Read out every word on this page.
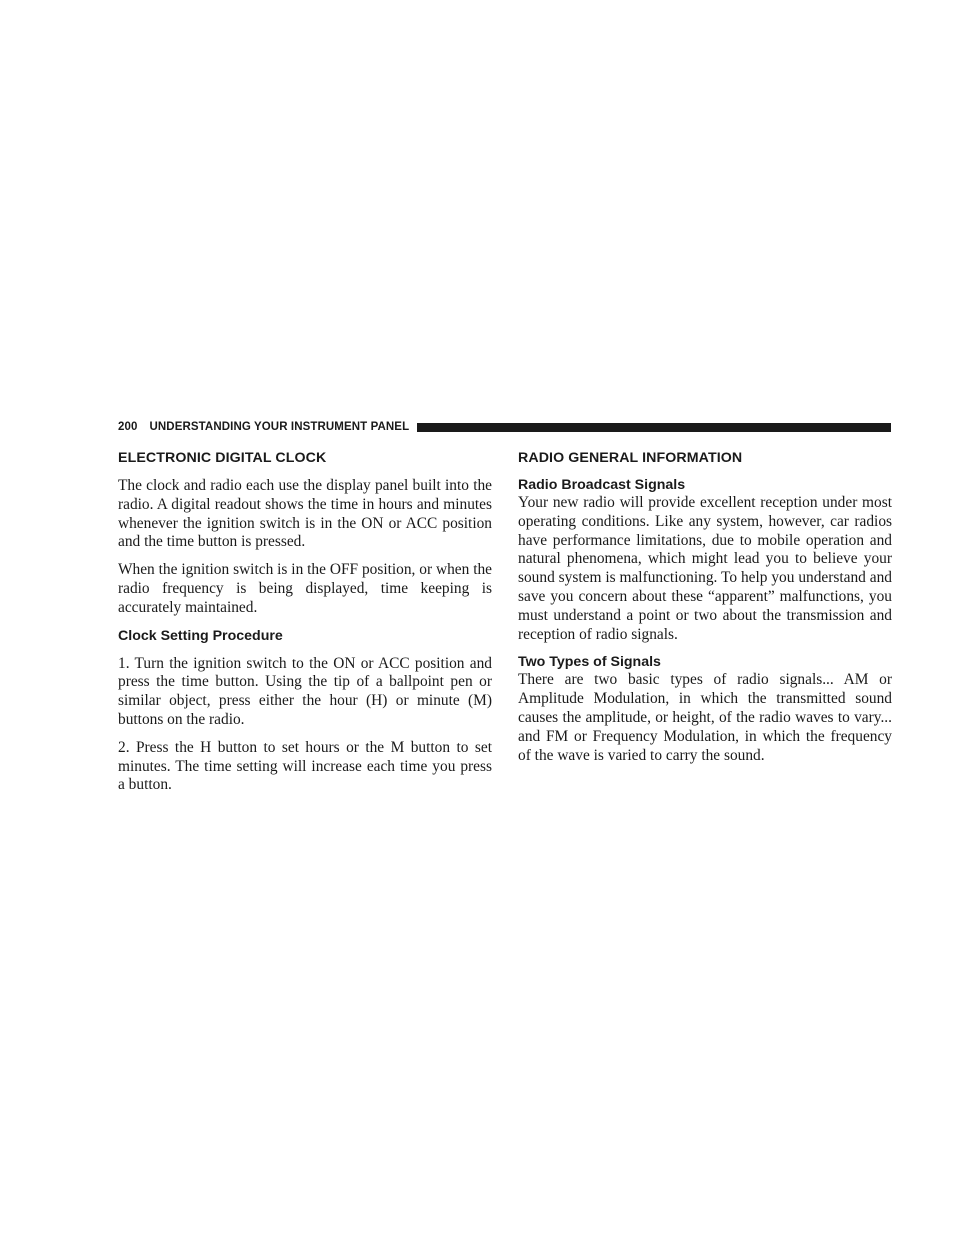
200 UNDERSTANDING YOUR INSTRUMENT PANEL
ELECTRONIC DIGITAL CLOCK

The clock and radio each use the display panel built into the radio. A digital readout shows the time in hours and minutes whenever the ignition switch is in the ON or ACC position and the time button is pressed.

When the ignition switch is in the OFF position, or when the radio frequency is being displayed, time keeping is accurately maintained.

Clock Setting Procedure

1. Turn the ignition switch to the ON or ACC position and press the time button. Using the tip of a ballpoint pen or similar object, press either the hour (H) or minute (M) buttons on the radio.

2. Press the H button to set hours or the M button to set minutes. The time setting will increase each time you press a button.

RADIO GENERAL INFORMATION
Radio Broadcast Signals

Your new radio will provide excellent reception under most operating conditions. Like any system, however, car radios have performance limitations, due to mobile operation and natural phenomena, which might lead you to believe your sound system is malfunctioning. To help you understand and save you concern about these “apparent” malfunctions, you must understand a point or two about the transmission and reception of radio signals.

Two Types of Signals

There are two basic types of radio signals... AM or Amplitude Modulation, in which the transmitted sound causes the amplitude, or height, of the radio waves to vary... and FM or Frequency Modulation, in which the frequency of the wave is varied to carry the sound.
